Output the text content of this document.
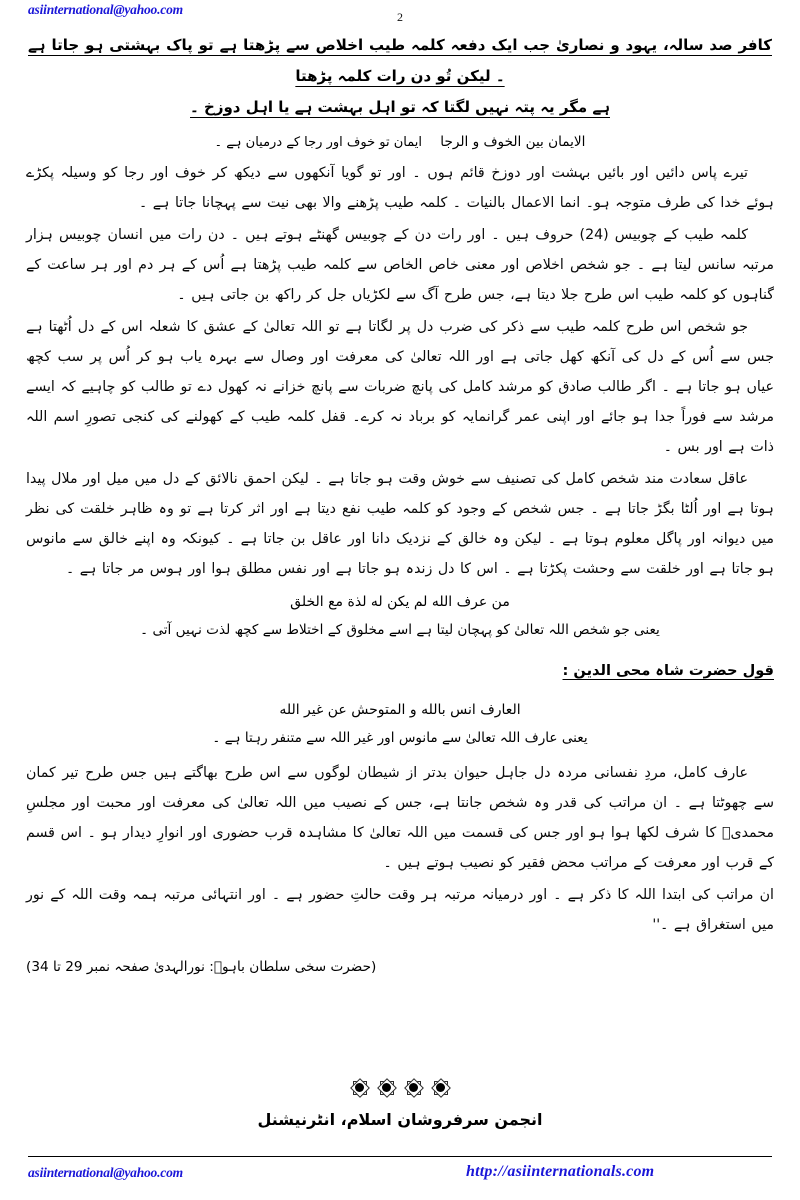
asiinternational@yahoo.com	2
کافر صد سالہ، یہود و نصاریٰ جب ایک دفعہ کلمہ طیب اخلاص سے پڑھتا ہے تو پاک بہشتی ہو جاتا ہے ۔ لیکن تُو دن رات کلمہ پڑھتا
ہے مگر یہ پتہ نہیں لگتا کہ تو اہل بہشت ہے یا اہل دوزخ ۔
الایمان بین الخوف و الرجا ایمان تو خوف اور رجا کے درمیان ہے ۔

تیرے پاس دائیں اور بائیں بہشت اور دوزخ قائم ہوں ۔ اور تو گویا آنکھوں سے دیکھ کر خوف اور رجا کو وسیلہ پکڑے ہوئے خدا کی طرف متوجہ ہو۔ انما الاعمال بالنیات ۔ کلمہ طیب پڑھنے والا بھی نیت سے پہچانا جاتا ہے ۔

کلمہ طیب کے چوبیس (24) حروف ہیں ۔ اور رات دن کے چوبیس گھنٹے ہوتے ہیں ۔ دن رات میں انسان چوبیس ہزار مرتبہ سانس لیتا ہے ۔ جو شخص اخلاص اور معنی خاص الخاص سے کلمہ طیب پڑھتا ہے اُس کے ہر دم اور ہر ساعت کے گناہوں کو کلمہ طیب اس طرح جلا دیتا ہے، جس طرح آگ سے لکڑیاں جل کر راکھ بن جاتی ہیں ۔

جو شخص اس طرح کلمہ طیب سے ذکر کی ضرب دل پر لگاتا ہے تو اللہ تعالیٰ کے عشق کا شعلہ اس کے دل اُٹھتا ہے جس سے اُس کے دل کی آنکھ کھل جاتی ہے اور اللہ تعالیٰ کی معرفت اور وصال سے بہرہ یاب ہو کر اُس پر سب کچھ عیاں ہو جاتا ہے ۔ اگر طالب صادق کو مرشد کامل کی پانچ ضربات سے پانچ خزانے نہ کھول دے تو طالب کو چاہیے کہ ایسے مرشد سے فوراً جدا ہو جائے اور اپنی عمر گرانمایہ کو برباد نہ کرے۔ قفل کلمہ طیب کے کھولنے کی کنجی تصورِ اسم اللہ ذات ہے اور بس ۔

عاقل سعادت مند شخص کامل کی تصنیف سے خوش وقت ہو جاتا ہے ۔ لیکن احمق نالائق کے دل میں میل اور ملال پیدا ہوتا ہے اور اُلٹا بگڑ جاتا ہے ۔ جس شخص کے وجود کو کلمہ طیب نفع دیتا ہے اور اثر کرتا ہے تو وہ ظاہر خلقت کی نظر میں دیوانہ اور پاگل معلوم ہوتا ہے ۔ لیکن وہ خالق کے نزدیک دانا اور عاقل بن جاتا ہے ۔ کیونکہ وہ اپنے خالق سے مانوس ہو جاتا ہے اور خلقت سے وحشت پکڑتا ہے ۔ اس کا دل زندہ ہو جاتا ہے اور نفس مطلق ہوا اور ہوس مر جاتا ہے ۔

من عرف الله لم یکن له لذة مع الخلق
یعنی جو شخص اللہ تعالیٰ کو پہچان لیتا ہے اسے مخلوق کے اختلاط سے کچھ لذت نہیں آتی ۔
قول حضرت شاہ محی الدین :
العارف انس بالله و المتوحش عن غیر الله
یعنی عارف اللہ تعالیٰ سے مانوس اور غیر اللہ سے متنفر رہتا ہے ۔

عارف کامل، مردِ نفسانی مردہ دل جاہل حیوان بدتر از شیطان لوگوں سے اس طرح بھاگتے ہیں جس طرح تیر کمان سے چھوٹتا ہے ۔ ان مراتب کی قدر وہ شخص جانتا ہے، جس کے نصیب میں اللہ تعالیٰ کی معرفت اور محبت اور مجلسِ محمدیؐ کا شرف لکھا ہوا ہو اور جس کی قسمت میں اللہ تعالیٰ کا مشاہدہ قرب حضوری اور انوارِ دیدار ہو ۔ اس قسم کے قرب اور معرفت کے مراتب محض فقیر کو نصیب ہوتے ہیں ۔

ان مراتب کی ابتدا اللہ کا ذکر ہے ۔ اور درمیانہ مرتبہ ہر وقت حالتِ حضور ہے ۔ اور انتہائی مرتبہ ہمہ وقت اللہ کے نور میں استغراق ہے ۔''

(حضرت سخی سلطان باہوؒ: نورالہدیٰ صفحہ نمبر 29 تا 34)

انجمن سرفروشان اسلام، انٹرنیشنل
asiinternational@yahoo.com	http://asiinternationals.com
